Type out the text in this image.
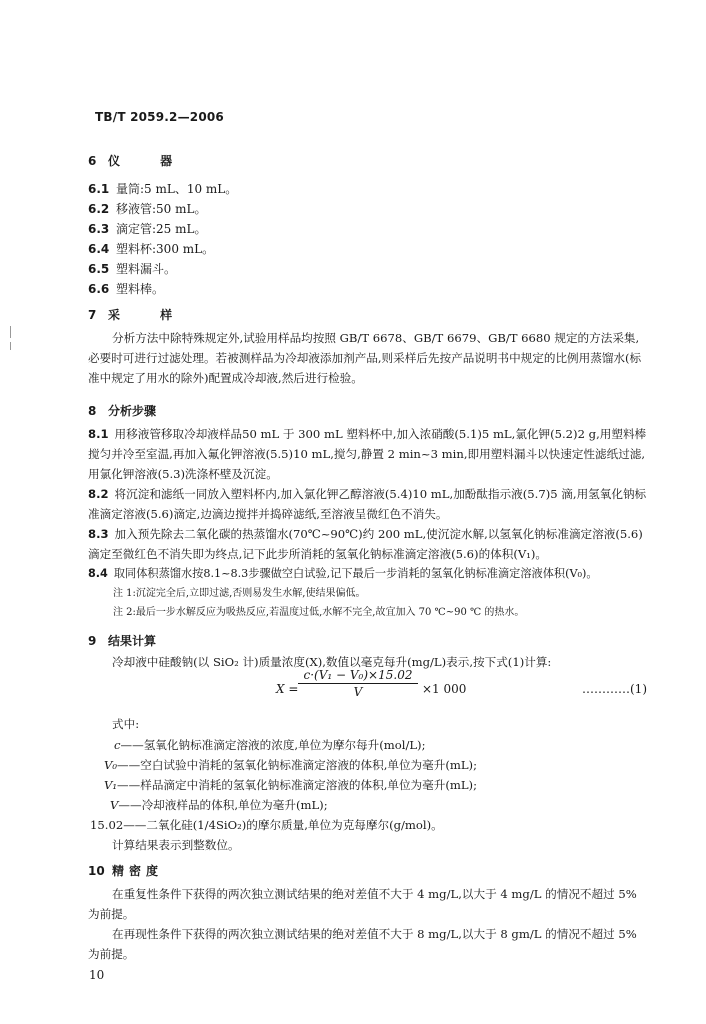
TB/T 2059.2—2006
6 仪 器
6.1 量筒:5 mL、10 mL。
6.2 移液管:50 mL。
6.3 滴定管:25 mL。
6.4 塑料杯:300 mL。
6.5 塑料漏斗。
6.6 塑料棒。
7 采 样
分析方法中除特殊规定外,试验用样品均按照 GB/T 6678、GB/T 6679、GB/T 6680 规定的方法采集,必要时可进行过滤处理。若被测样品为冷却液添加剂产品,则采样后先按产品说明书中规定的比例用蒸馏水(标准中规定了用水的除外)配置成冷却液,然后进行检验。
8 分析步骤
8.1 用移液管移取冷却液样品50 mL 于 300 mL 塑料杯中,加入浓硝酸(5.1)5 mL,氯化钾(5.2)2 g,用塑料棒搅匀并冷至室温,再加入氟化钾溶液(5.5)10 mL,搅匀,静置 2 min~3 min,即用塑料漏斗以快速定性滤纸过滤,用氯化钾溶液(5.3)洗涤杯壁及沉淀。
8.2 将沉淀和滤纸一同放入塑料杯内,加入氯化钾乙醇溶液(5.4)10 mL,加酚酞指示液(5.7)5 滴,用氢氧化钠标准滴定溶液(5.6)滴定,边滴边搅拌并捣碎滤纸,至溶液呈微红色不消失。
8.3 加入预先除去二氧化碳的热蒸馏水(70℃~90℃)约 200 mL,使沉淀水解,以氢氧化钠标准滴定溶液(5.6)滴定至微红色不消失即为终点,记下此步所消耗的氢氧化钠标准滴定溶液(5.6)的体积(V₁)。
8.4 取同体积蒸馏水按8.1~8.3步骤做空白试验,记下最后一步消耗的氢氧化钠标准滴定溶液体积(V₀)。
注 1:沉淀完全后,立即过滤,否则易发生水解,使结果偏低。
注 2:最后一步水解反应为吸热反应,若温度过低,水解不完全,故宜加入 70 ℃~90 ℃ 的热水。
9 结果计算
冷却液中硅酸钠(以 SiO₂ 计)质量浓度(X),数值以毫克每升(mg/L)表示,按下式(1)计算:
$X = \frac{\text{c·(V₁ − V₀)×15.02}}{V} \times 1$ 000	…………(1)
式中:
c——氢氧化钠标准滴定溶液的浓度,单位为摩尔每升(mol/L);
V₀——空白试验中消耗的氢氧化钠标准滴定溶液的体积,单位为毫升(mL);
V₁——样品滴定中消耗的氢氧化钠标准滴定溶液的体积,单位为毫升(mL);
V——冷却液样品的体积,单位为毫升(mL);
15.02——二氧化硅(1/4SiO₂)的摩尔质量,单位为克每摩尔(g/mol)。
计算结果表示到整数位。
10 精密度
在重复性条件下获得的两次独立测试结果的绝对差值不大于 4 mg/L,以大于 4 mg/L 的情况不超过 5%为前提。
在再现性条件下获得的两次独立测试结果的绝对差值不大于 8 mg/L,以大于 8 gm/L 的情况不超过 5%为前提。
10
